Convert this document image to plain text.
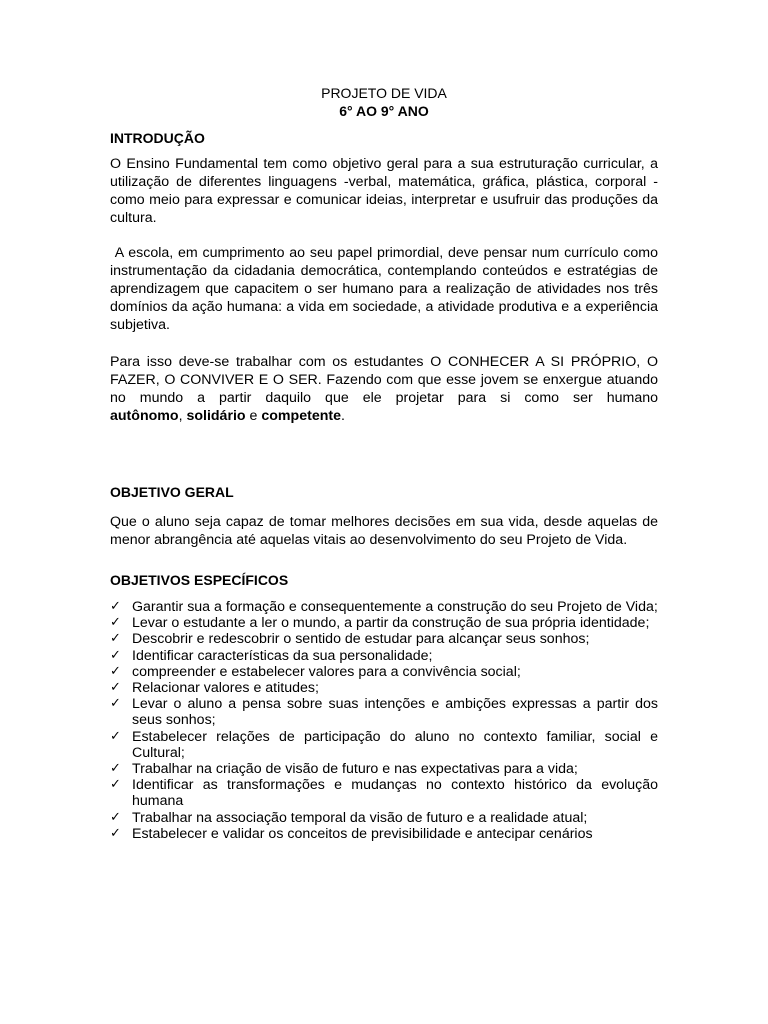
PROJETO DE VIDA
6° AO 9° ANO
INTRODUÇÃO

O Ensino Fundamental tem como objetivo geral para a sua estruturação curricular, a utilização de diferentes linguagens -verbal, matemática, gráfica, plástica, corporal -como meio para expressar e comunicar ideias, interpretar e usufruir das produções da cultura.

A escola, em cumprimento ao seu papel primordial, deve pensar num currículo como instrumentação da cidadania democrática, contemplando conteúdos e estratégias de aprendizagem que capacitem o ser humano para a realização de atividades nos três domínios da ação humana: a vida em sociedade, a atividade produtiva e a experiência subjetiva.

Para isso deve-se trabalhar com os estudantes O CONHECER A SI PRÓPRIO, O FAZER, O CONVIVER E O SER. Fazendo com que esse jovem se enxergue atuando no mundo a partir daquilo que ele projetar para si como ser humano autônomo, solidário e competente.

OBJETIVO GERAL

Que o aluno seja capaz de tomar melhores decisões em sua vida, desde aquelas de menor abrangência até aquelas vitais ao desenvolvimento do seu Projeto de Vida.

OBJETIVOS ESPECÍFICOS
✓ Garantir sua a formação e consequentemente a construção do seu Projeto de Vida;
✓ Levar o estudante a ler o mundo, a partir da construção de sua própria identidade;
✓ Descobrir e redescobrir o sentido de estudar para alcançar seus sonhos;
✓ Identificar características da sua personalidade;
✓ compreender e estabelecer valores para a convivência social;
✓ Relacionar valores e atitudes;
✓ Levar o aluno a pensa sobre suas intenções e ambições expressas a partir dos seus sonhos;
✓ Estabelecer relações de participação do aluno no contexto familiar, social e Cultural;
✓ Trabalhar na criação de visão de futuro e nas expectativas para a vida;
✓ Identificar as transformações e mudanças no contexto histórico da evolução humana
✓ Trabalhar na associação temporal da visão de futuro e a realidade atual;
✓ Estabelecer e validar os conceitos de previsibilidade e antecipar cenários
